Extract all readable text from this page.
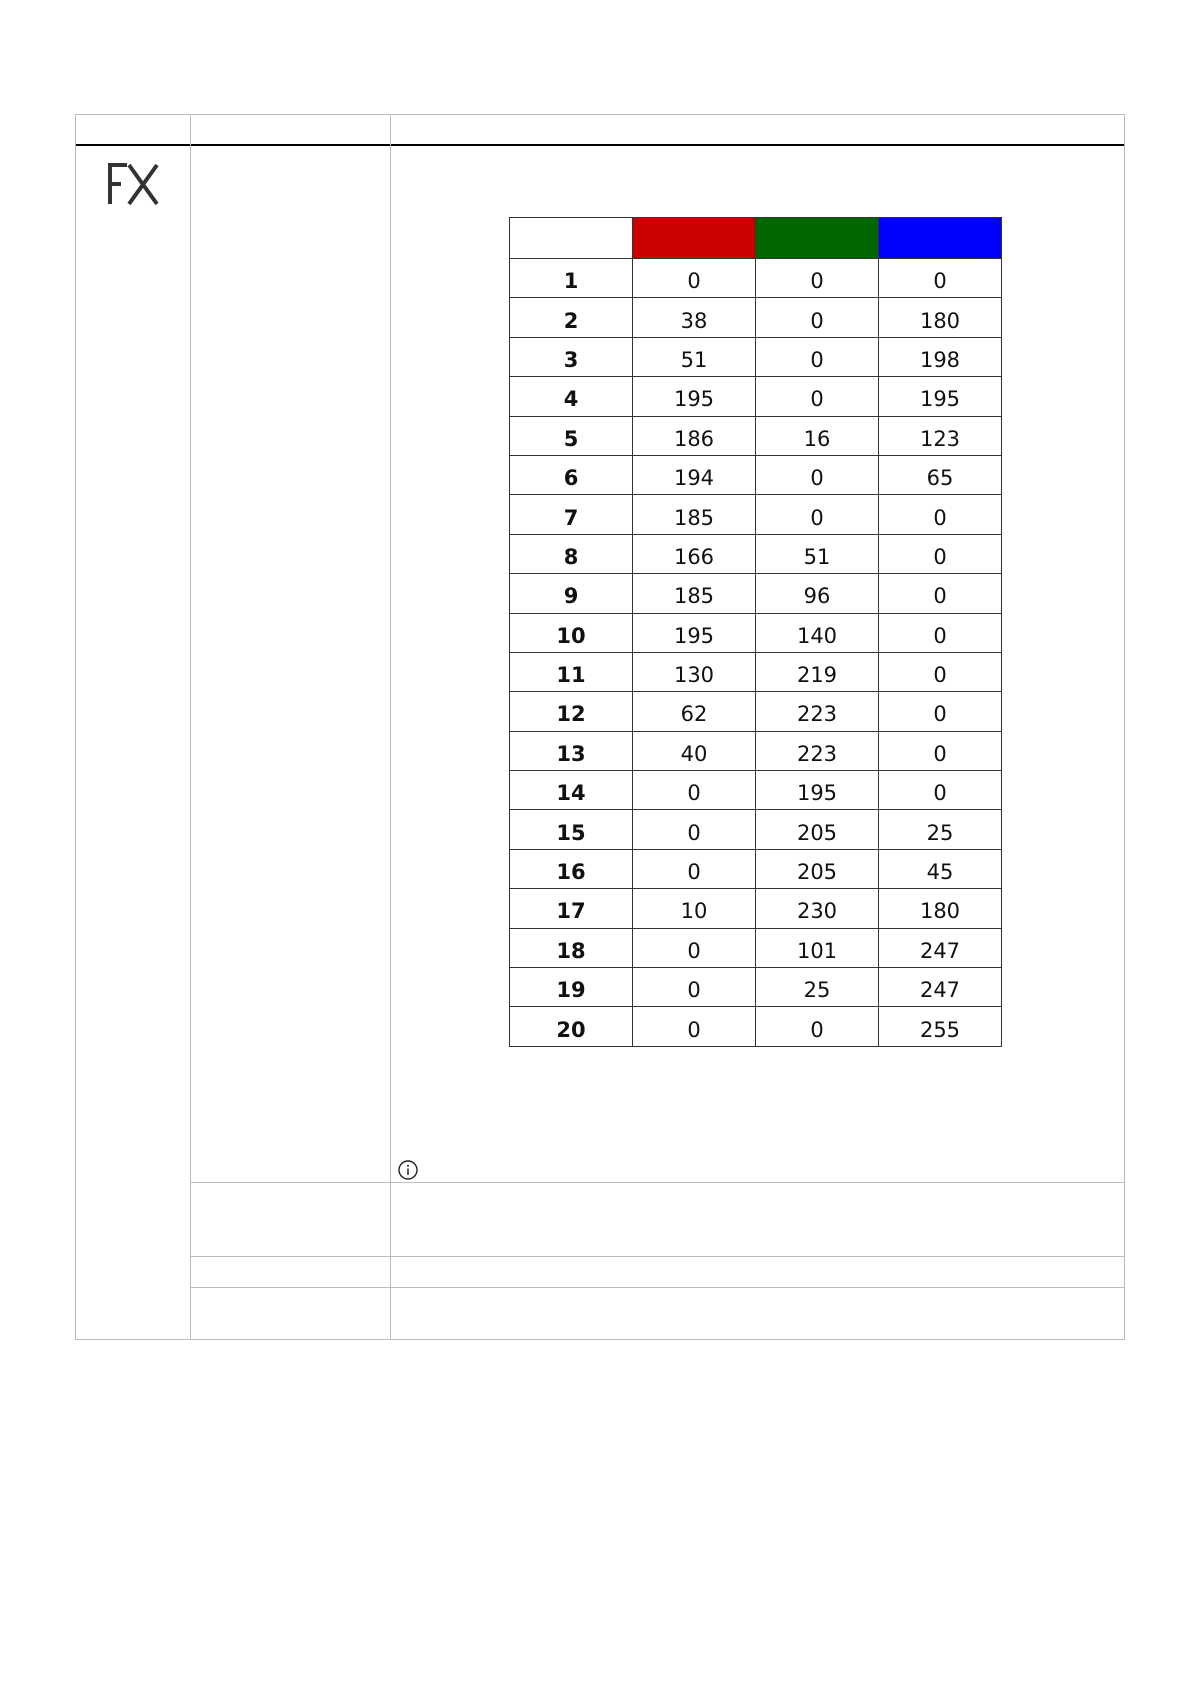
1	0	0	0
2	38	0	180
3	51	0	198
4	195	0	195
5	186	16	123
6	194	0	65
7	185	0	0
8	166	51	0
9	185	96	0
10	195	140	0
11	130	219	0
12	62	223	0
13	40	223	0
14	0	195	0
15	0	205	25
16	0	205	45
17	10	230	180
18	0	101	247
19	0	25	247
20	0	0	255
